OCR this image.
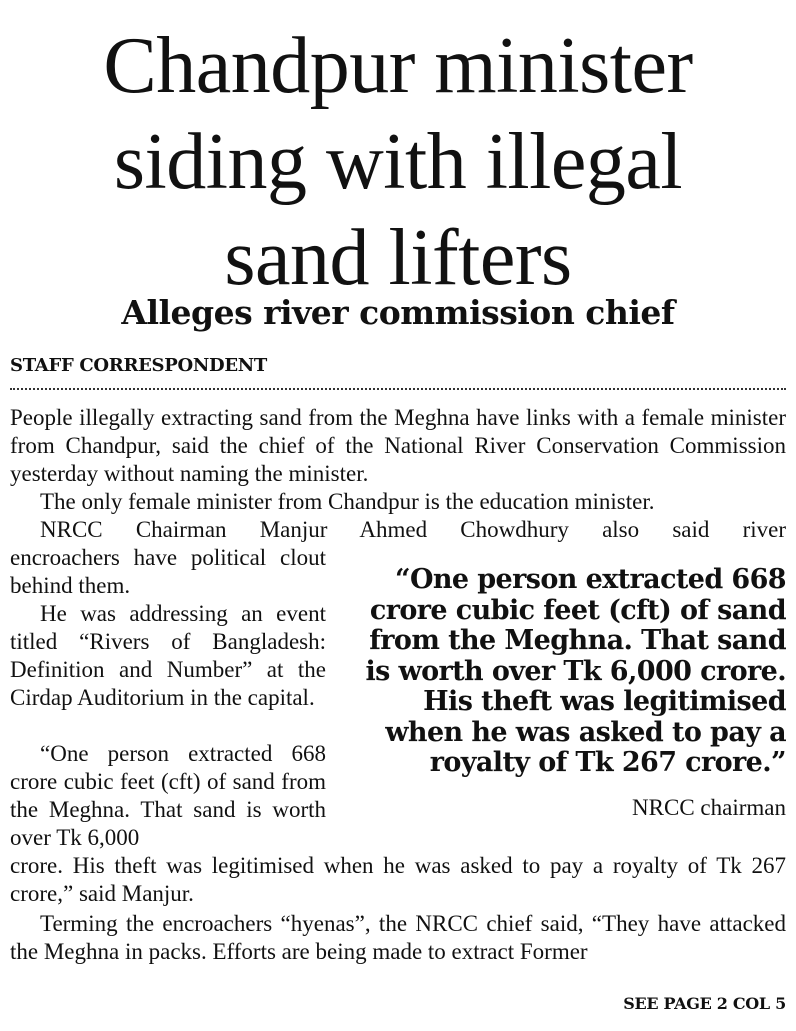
Chandpur minister
siding with illegal
sand lifters
Alleges river commission chief
STAFF CORRESPONDENT

People illegally extracting sand from the Meghna have links with a female minister from Chandpur, said the chief of the National River Conservation Commission yesterday without naming the minister.

The only female minister from Chandpur is the education minister.

NRCC Chairman Manjur Ahmed Chowdhury also said river

encroachers have political clout behind them.

He was addressing an event titled “Rivers of Bangladesh: Definition and Number” at the Cirdap Auditorium in the capital.

“One person extracted 668 crore cubic feet (cft) of sand from the Meghna. That sand is worth over Tk 6,000

crore. His theft was legitimised when he was asked to pay a royalty of Tk 267 crore,” said Manjur.

Terming the encroachers “hyenas”, the NRCC chief said, “They have attacked the Meghna in packs. Efforts are being made to extract Former

“One person extracted 668 crore cubic feet (cft) of sand from the Meghna. That sand is worth over Tk 6,000 crore. His theft was legitimised when he was asked to pay a royalty of Tk 267 crore.”

NRCC chairman
SEE PAGE 2 COL 5
